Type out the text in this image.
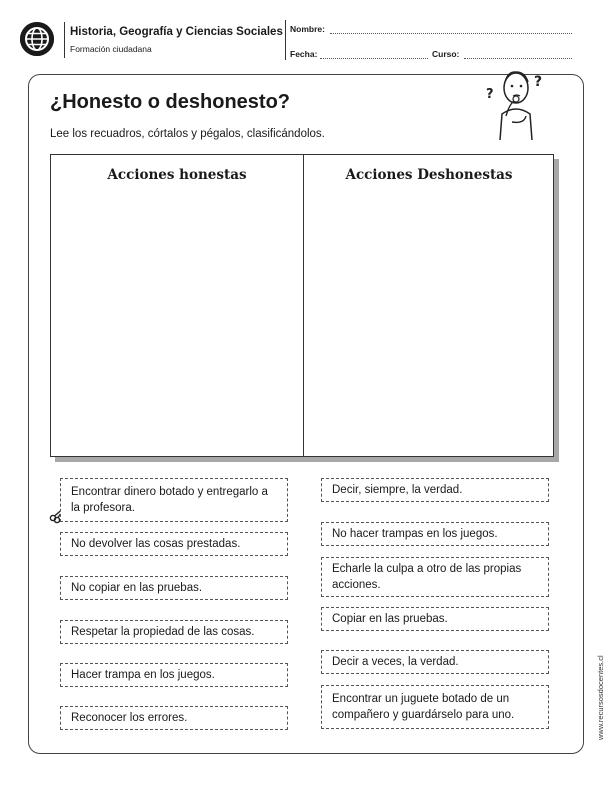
Historia, Geografía y Ciencias Sociales
Formación ciudadana
Nombre:
Fecha:	Curso:
?
?
¿Honesto o deshonesto?
Lee los recuadros, córtalos y pégalos, clasificándolos.
Acciones honestas	Acciones Deshonestas
Encontrar dinero botado y entregarlo a la profesora.
No devolver las cosas prestadas.
No copiar en las pruebas.
Respetar la propiedad de las cosas.
Hacer trampa en los juegos.
Reconocer los errores.
Decir, siempre, la verdad.
No hacer trampas en los juegos.
Echarle la culpa a otro de las propias acciones.
Copiar en las pruebas.
Decir a veces, la verdad.
Encontrar un juguete botado de un compañero y guardárselo para uno.	www.recursosdocentes.cl
